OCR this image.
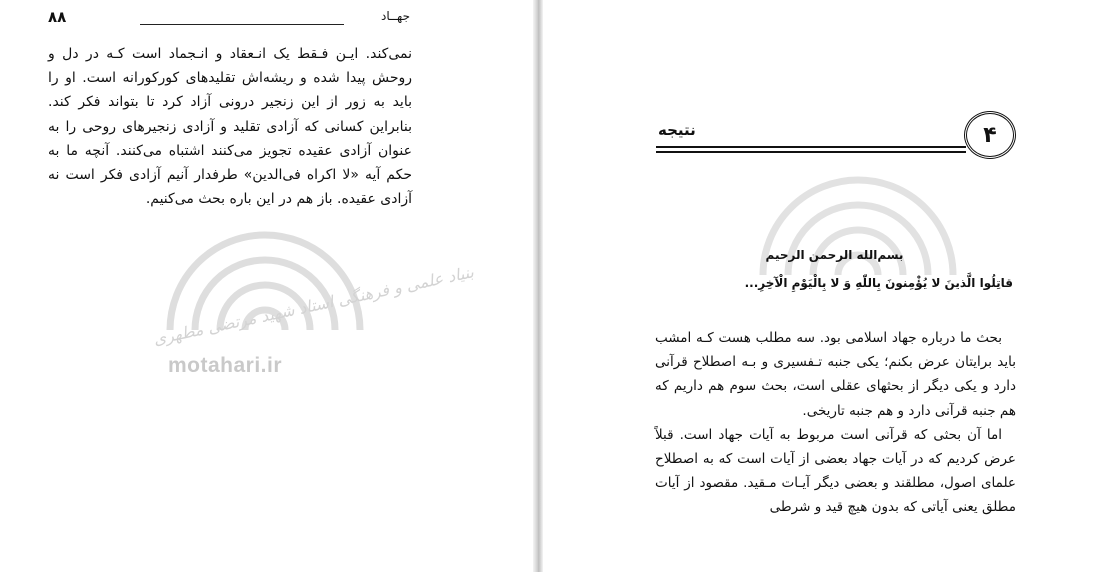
۸۸	جهــاد
بنیاد علمی و فرهنگی استاد شهید مرتضی مطهری
motahari.ir

نمی‌کند. ایـن فـقط یک انـعقاد و انـجماد است کـه در دل و روحش پیدا شده و ریشه‌اش تقلیدهای کورکورانه است. او را باید به زور از این زنجیر درونی آزاد کرد تا بتواند فکر کند. بنابراین کسانی که آزادی تقلید و آزادی زنجیرهای روحی را به عنوان آزادی عقیده تجویز می‌کنند اشتباه می‌کنند. آنچه ما به حکم آیه «لا اکراه فی‌الدین» طرفدار آنیم آزادی فکر است نه آزادی عقیده. باز هم در این باره بحث می‌کنیم.

نتیجه	۴
بسم‌الله الرحمن الرحیم
قاتِلُوا الَّذینَ لا یُؤْمِنونَ بِاللّٰهِ وَ لا بِالْیَوْمِ الْآخِرِ...

بحث ما درباره جهاد اسلامی بود. سه مطلب هست کـه امشب باید برایتان عرض بکنم؛ یکی جنبه تـفسیری و بـه اصطلاح قرآنی دارد و یکی دیگر از بحثهای عقلی است، بحث سوم هم داریم که هم جنبه قرآنی دارد و هم جنبه تاریخی.

اما آن بحثی که قرآنی است مربوط به آیات جهاد است. قبلاً عرض کردیم که در آیات جهاد بعضی از آیات است که به اصطلاح علمای اصول، مطلقند و بعضی دیگر آیـات مـقید. مقصود از آیات مطلق یعنی آیاتی که بدون هیچ قید و شرطی
